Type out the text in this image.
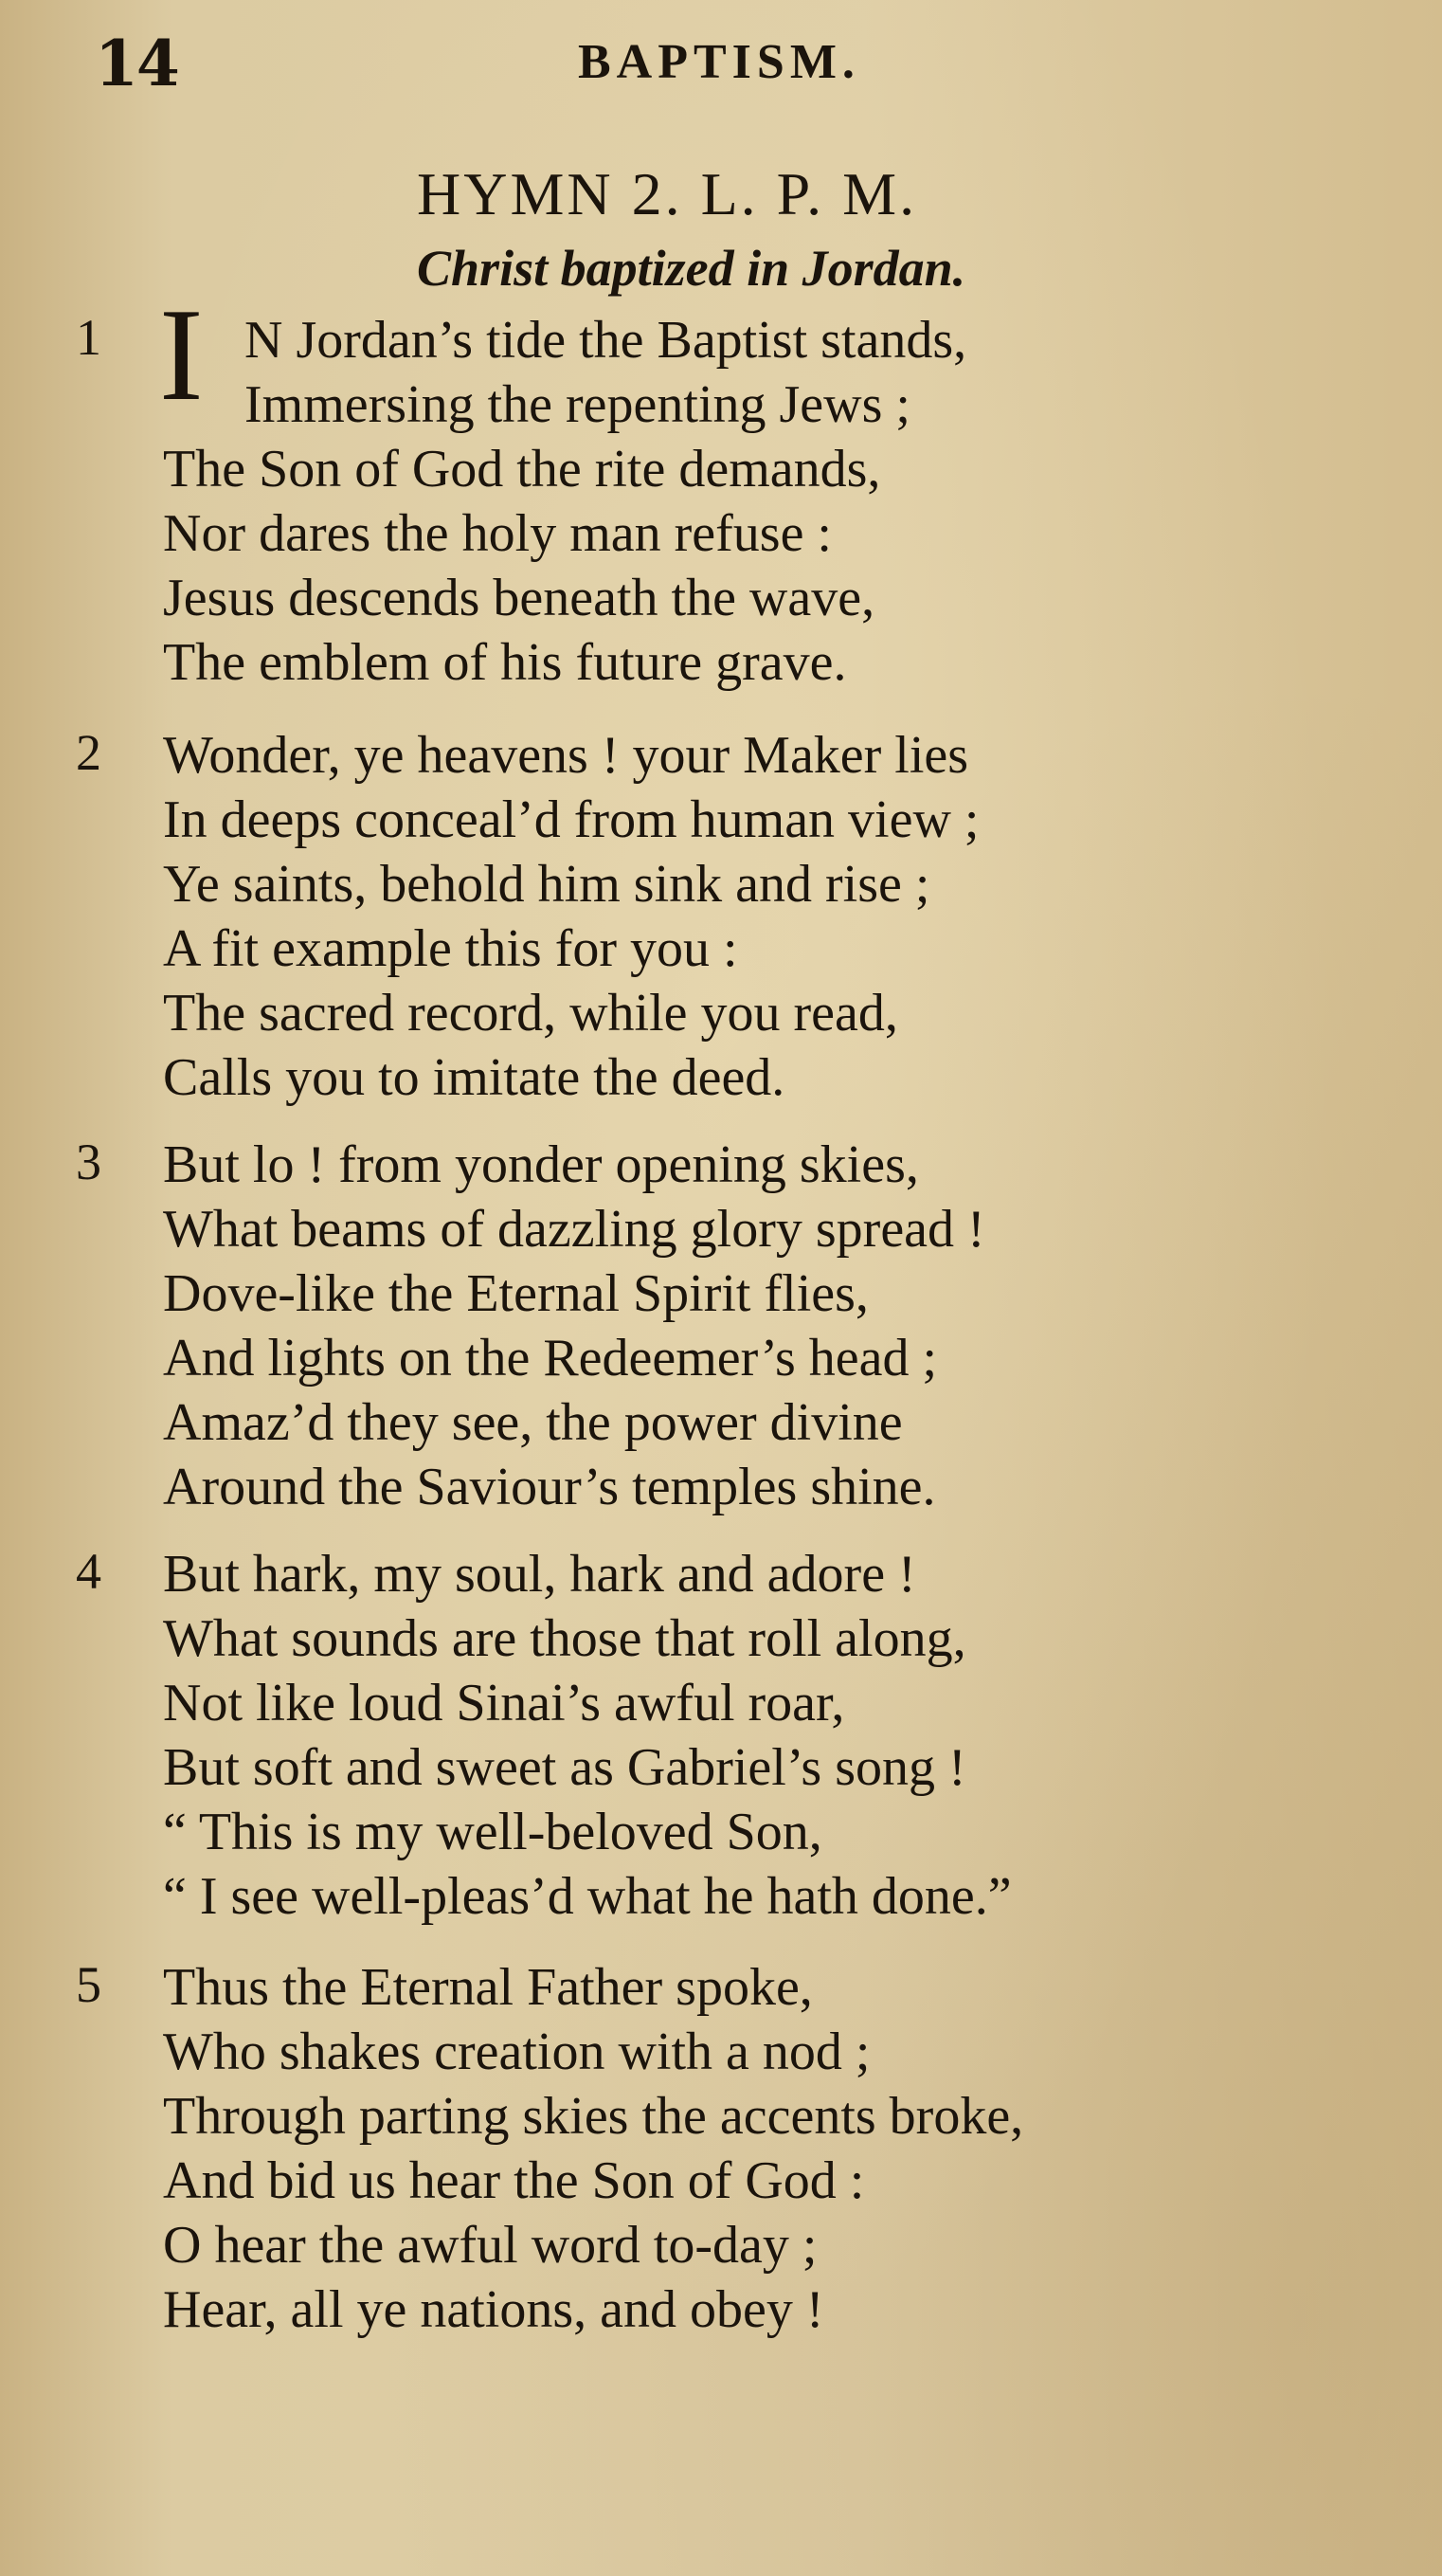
14	BAPTISM.
HYMN 2. L. P. M.
Christ baptized in Jordan.
1 I N Jordan’s tide the Baptist stands,
Immersing the repenting Jews ;
The Son of God the rite demands,
Nor dares the holy man refuse :
Jesus descends beneath the wave,
The emblem of his future grave.
2 Wonder, ye heavens ! your Maker lies
In deeps conceal’d from human view ;
Ye saints, behold him sink and rise ;
A fit example this for you :
The sacred record, while you read,
Calls you to imitate the deed.
3 But lo ! from yonder opening skies,
What beams of dazzling glory spread !
Dove-like the Eternal Spirit flies,
And lights on the Redeemer’s head ;
Amaz’d they see, the power divine
Around the Saviour’s temples shine.
4 But hark, my soul, hark and adore !
What sounds are those that roll along,
Not like loud Sinai’s awful roar,
But soft and sweet as Gabriel’s song !
“ This is my well-beloved Son,
“ I see well-pleas’d what he hath done.”
5 Thus the Eternal Father spoke,
Who shakes creation with a nod ;
Through parting skies the accents broke,
And bid us hear the Son of God :
O hear the awful word to-day ;
Hear, all ye nations, and obey !
